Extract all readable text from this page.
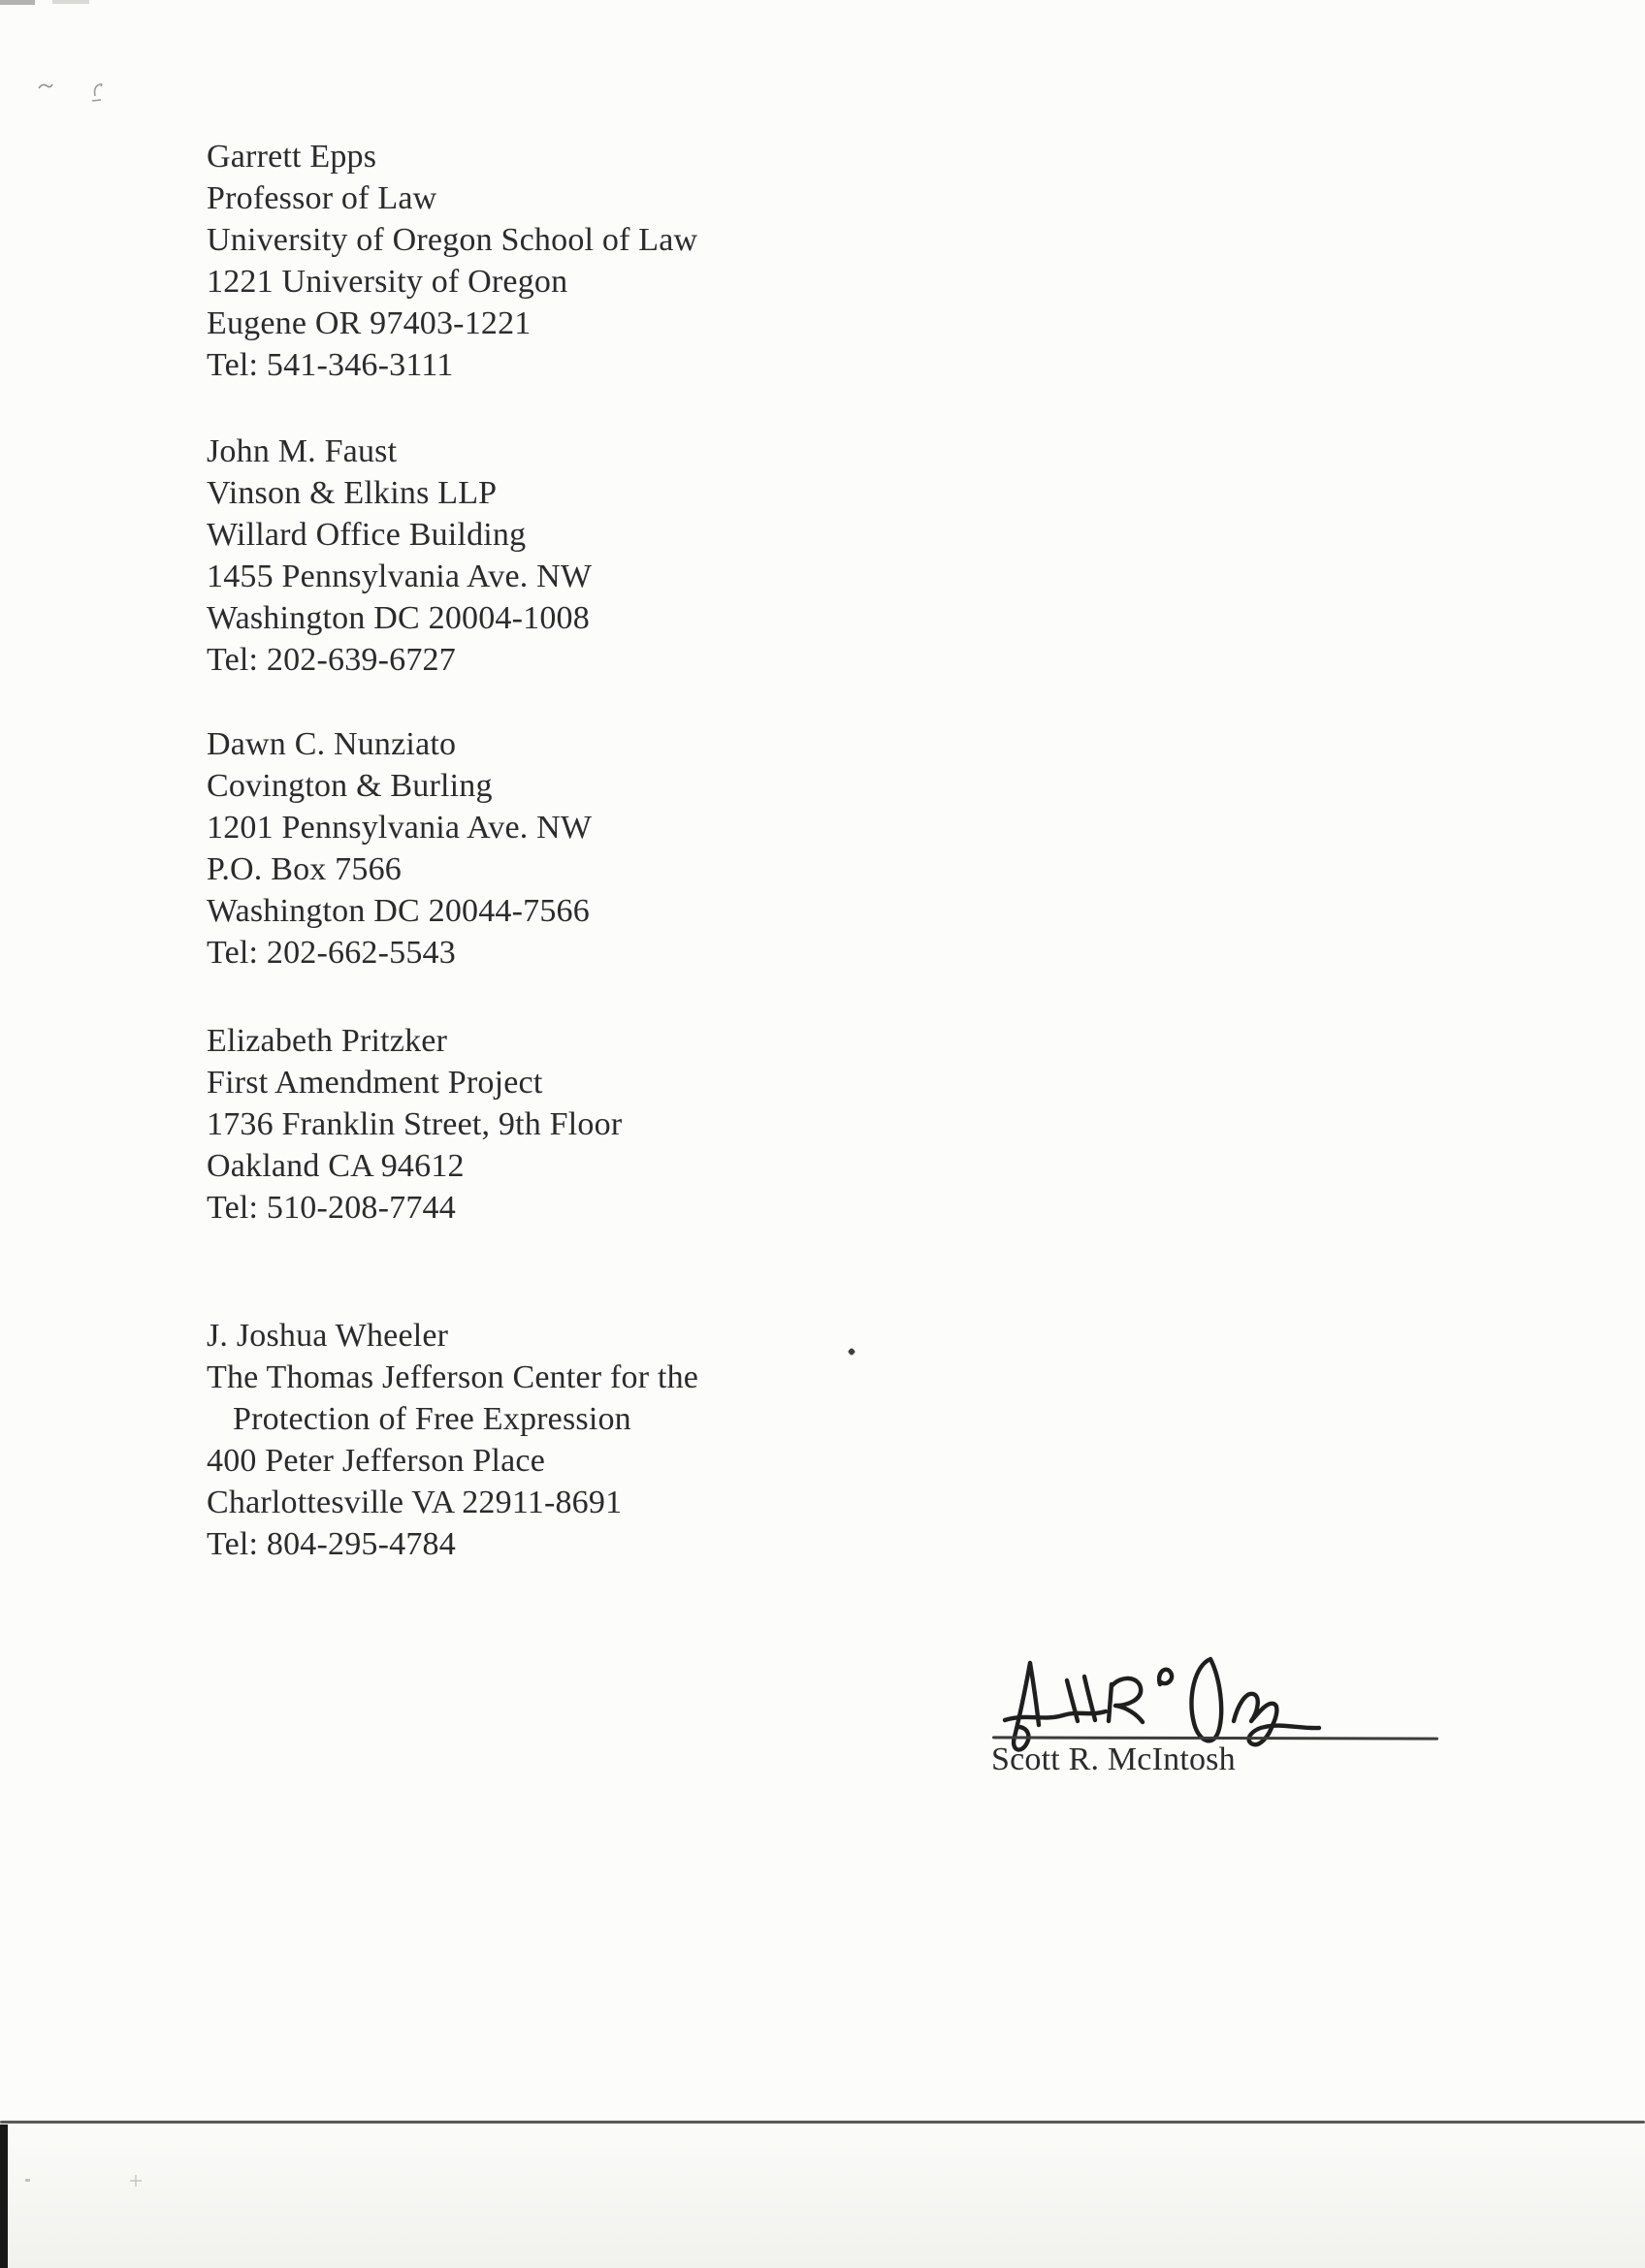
Garrett Epps
Professor of Law
University of Oregon School of Law
1221 University of Oregon
Eugene OR 97403-1221
Tel: 541-346-3111
John M. Faust
Vinson & Elkins LLP
Willard Office Building
1455 Pennsylvania Ave. NW
Washington DC 20004-1008
Tel: 202-639-6727
Dawn C. Nunziato
Covington & Burling
1201 Pennsylvania Ave. NW
P.O. Box 7566
Washington DC 20044-7566
Tel: 202-662-5543
Elizabeth Pritzker
First Amendment Project
1736 Franklin Street, 9th Floor
Oakland CA 94612
Tel: 510-208-7744
J. Joshua Wheeler
The Thomas Jefferson Center for the
Protection of Free Expression
400 Peter Jefferson Place
Charlottesville VA 22911-8691
Tel: 804-295-4784
Scott R. McIntosh
